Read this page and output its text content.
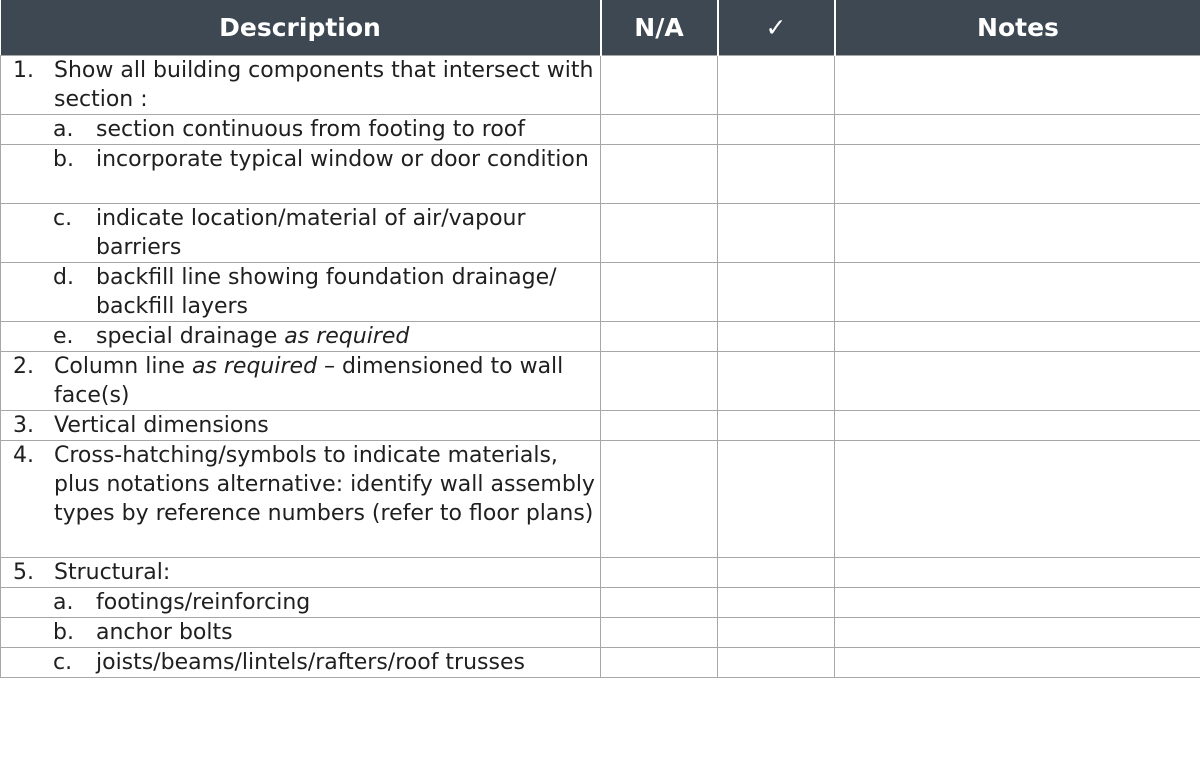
Description	N/A	✓	Notes

1. Show all building components that intersect with section :			

a. section continuous from footing to roof			

b. incorporate typical window or door condition			

c. indicate location/material of air/vapour barriers			

d. backfill line showing foundation drainage/ backfill layers			

e. special drainage as required			

2. Column line as required – dimensioned to wall face(s)			

3. Vertical dimensions			

4. Cross-hatching/symbols to indicate materials, plus notations alternative: identify wall assembly types by reference numbers (refer to floor plans)			

5. Structural:			

a. footings/reinforcing			

b. anchor bolts			

c. joists/beams/lintels/rafters/roof trusses			
